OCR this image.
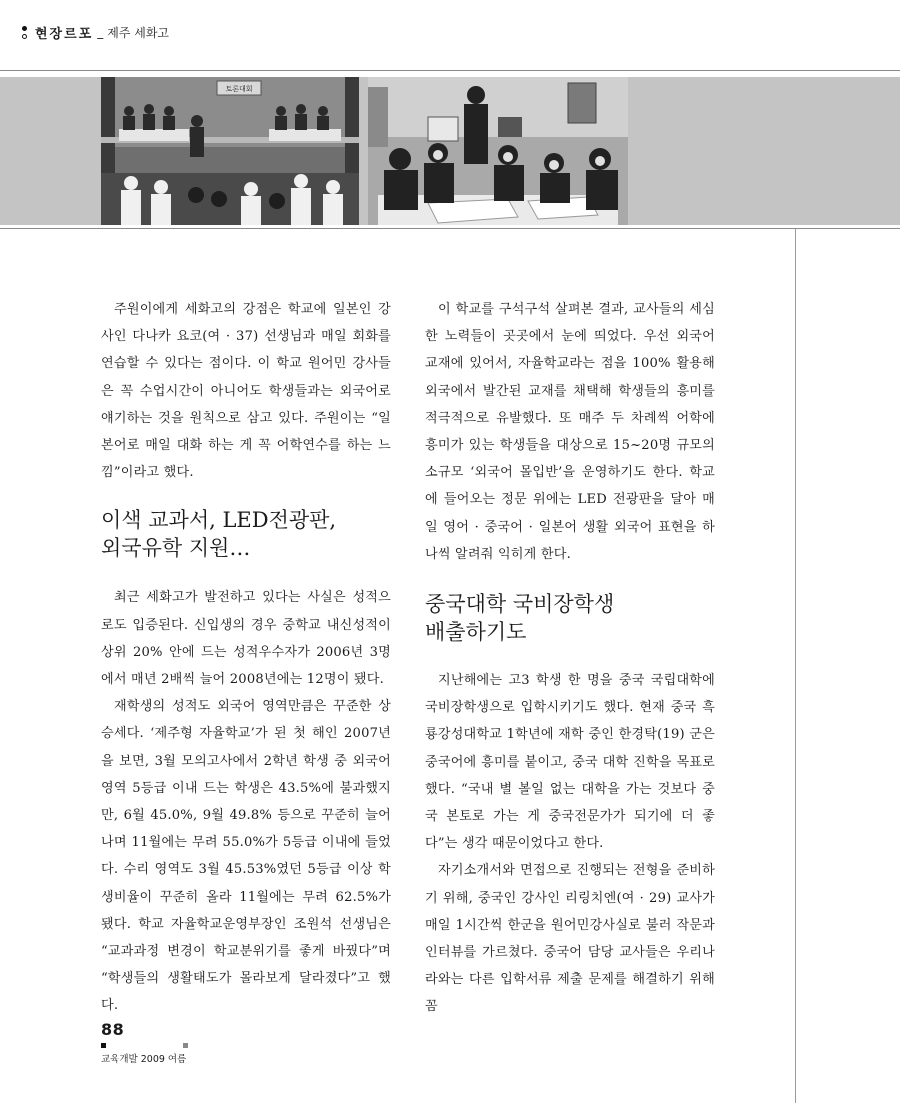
현장르포 _ 제주 세화고
토론대회

주원이에게 세화고의 강점은 학교에 일본인 강사인 다나카 요코(여 · 37) 선생님과 매일 회화를 연습할 수 있다는 점이다. 이 학교 원어민 강사들은 꼭 수업시간이 아니어도 학생들과는 외국어로 얘기하는 것을 원칙으로 삼고 있다. 주원이는 “일본어로 매일 대화 하는 게 꼭 어학연수를 하는 느낌”이라고 했다.

이색 교과서, LED전광판,
외국유학 지원…

최근 세화고가 발전하고 있다는 사실은 성적으로도 입증된다. 신입생의 경우 중학교 내신성적이 상위 20% 안에 드는 성적우수자가 2006년 3명에서 매년 2배씩 늘어 2008년에는 12명이 됐다.

재학생의 성적도 외국어 영역만큼은 꾸준한 상승세다. ‘제주형 자율학교’가 된 첫 해인 2007년을 보면, 3월 모의고사에서 2학년 학생 중 외국어영역 5등급 이내 드는 학생은 43.5%에 불과했지만, 6월 45.0%, 9월 49.8% 등으로 꾸준히 늘어나며 11월에는 무려 55.0%가 5등급 이내에 들었다. 수리 영역도 3월 45.53%였던 5등급 이상 학생비율이 꾸준히 올라 11월에는 무려 62.5%가 됐다. 학교 자율학교운영부장인 조원석 선생님은 “교과과정 변경이 학교분위기를 좋게 바꿨다”며 “학생들의 생활태도가 몰라보게 달라졌다”고 했다.

이 학교를 구석구석 살펴본 결과, 교사들의 세심한 노력들이 곳곳에서 눈에 띄었다. 우선 외국어 교재에 있어서, 자율학교라는 점을 100% 활용해 외국에서 발간된 교재를 채택해 학생들의 흥미를 적극적으로 유발했다. 또 매주 두 차례씩 어학에 흥미가 있는 학생들을 대상으로 15~20명 규모의 소규모 ‘외국어 몰입반’을 운영하기도 한다. 학교에 들어오는 정문 위에는 LED 전광판을 달아 매일 영어 · 중국어 · 일본어 생활 외국어 표현을 하나씩 알려줘 익히게 한다.

중국대학 국비장학생
배출하기도

지난해에는 고3 학생 한 명을 중국 국립대학에 국비장학생으로 입학시키기도 했다. 현재 중국 흑룡강성대학교 1학년에 재학 중인 한경탁(19) 군은 중국어에 흥미를 붙이고, 중국 대학 진학을 목표로 했다. “국내 별 볼일 없는 대학을 가는 것보다 중국 본토로 가는 게 중국전문가가 되기에 더 좋다”는 생각 때문이었다고 한다.

자기소개서와 면접으로 진행되는 전형을 준비하기 위해, 중국인 강사인 리링치엔(여 · 29) 교사가 매일 1시간씩 한군을 원어민강사실로 불러 작문과 인터뷰를 가르쳤다. 중국어 담당 교사들은 우리나라와는 다른 입학서류 제출 문제를 해결하기 위해 꼼

88
교육개발 2009 여름
